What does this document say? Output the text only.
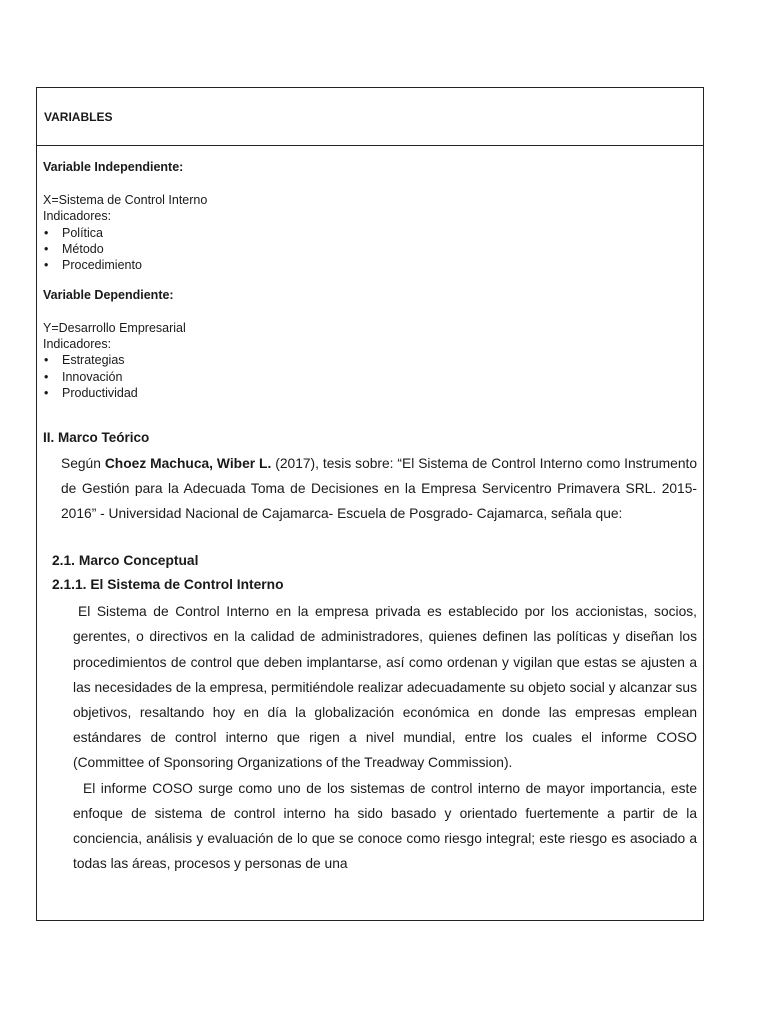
VARIABLES

Variable Independiente:

X=Sistema de Control Interno

Indicadores:

• Política
• Método
• Procedimiento

Variable Dependiente:

Y=Desarrollo Empresarial

Indicadores:

• Estrategias
• Innovación
• Productividad

II. Marco Teórico

Según Choez Machuca, Wiber L. (2017), tesis sobre: “El Sistema de Control Interno como Instrumento de Gestión para la Adecuada Toma de Decisiones en la Empresa Servicentro Primavera SRL. 2015-2016” - Universidad Nacional de Cajamarca- Escuela de Posgrado- Cajamarca, señala que:

2.1. Marco Conceptual

2.1.1. El Sistema de Control Interno

El Sistema de Control Interno en la empresa privada es establecido por los accionistas, socios, gerentes, o directivos en la calidad de administradores, quienes definen las políticas y diseñan los procedimientos de control que deben implantarse, así como ordenan y vigilan que estas se ajusten a las necesidades de la empresa, permitiéndole realizar adecuadamente su objeto social y alcanzar sus objetivos, resaltando hoy en día la globalización económica en donde las empresas emplean estándares de control interno que rigen a nivel mundial, entre los cuales el informe COSO (Committee of Sponsoring Organizations of the Treadway Commission).

El informe COSO surge como uno de los sistemas de control interno de mayor importancia, este enfoque de sistema de control interno ha sido basado y orientado fuertemente a partir de la conciencia, análisis y evaluación de lo que se conoce como riesgo integral; este riesgo es asociado a todas las áreas, procesos y personas de una
